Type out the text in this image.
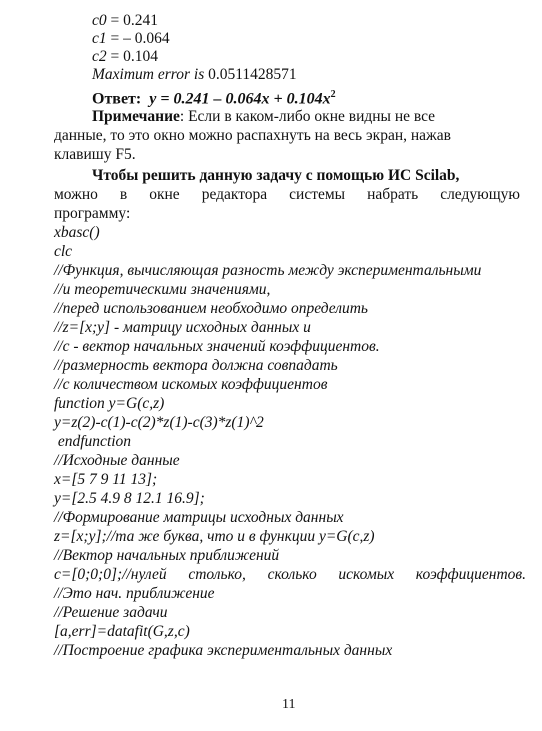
c0 = 0.241
c1 = – 0.064
c2 = 0.104
Maximum error is 0.0511428571
Ответ: $y = 0.241 - 0.064x + 0.104x^2$
Примечание: Если в каком-либо окне видны не все
данные, то это окно можно распахнуть на весь экран, нажав
клавишу F5.
Чтобы решить данную задачу с помощью ИС Scilab,
можно в окне редактора системы набрать следующую
программу:
xbasc()
clc
//Функция, вычисляющая разность между экспериментальными
//и теоретическими значениями,
//перед использованием необходимо определить
//z=[x;y] - матрицу исходных данных и
//c - вектор начальных значений коэффициентов.
//размерность вектора должна совпадать
//с количеством искомых коэффициентов
function y=G(c,z)
y=z(2)-c(1)-c(2)*z(1)-c(3)*z(1)^2
endfunction
//Исходные данные
x=[5 7 9 11 13];
y=[2.5 4.9 8 12.1 16.9];
//Формирование матрицы исходных данных
z=[x;y];//та же буква, что и в функции y=G(c,z)
//Вектор начальных приближений
c=[0;0;0];//нулей столько, сколько искомых коэффициентов.
//Это нач. приближение
//Решение задачи
[a,err]=datafit(G,z,c)
//Построение графика экспериментальных данных
11
